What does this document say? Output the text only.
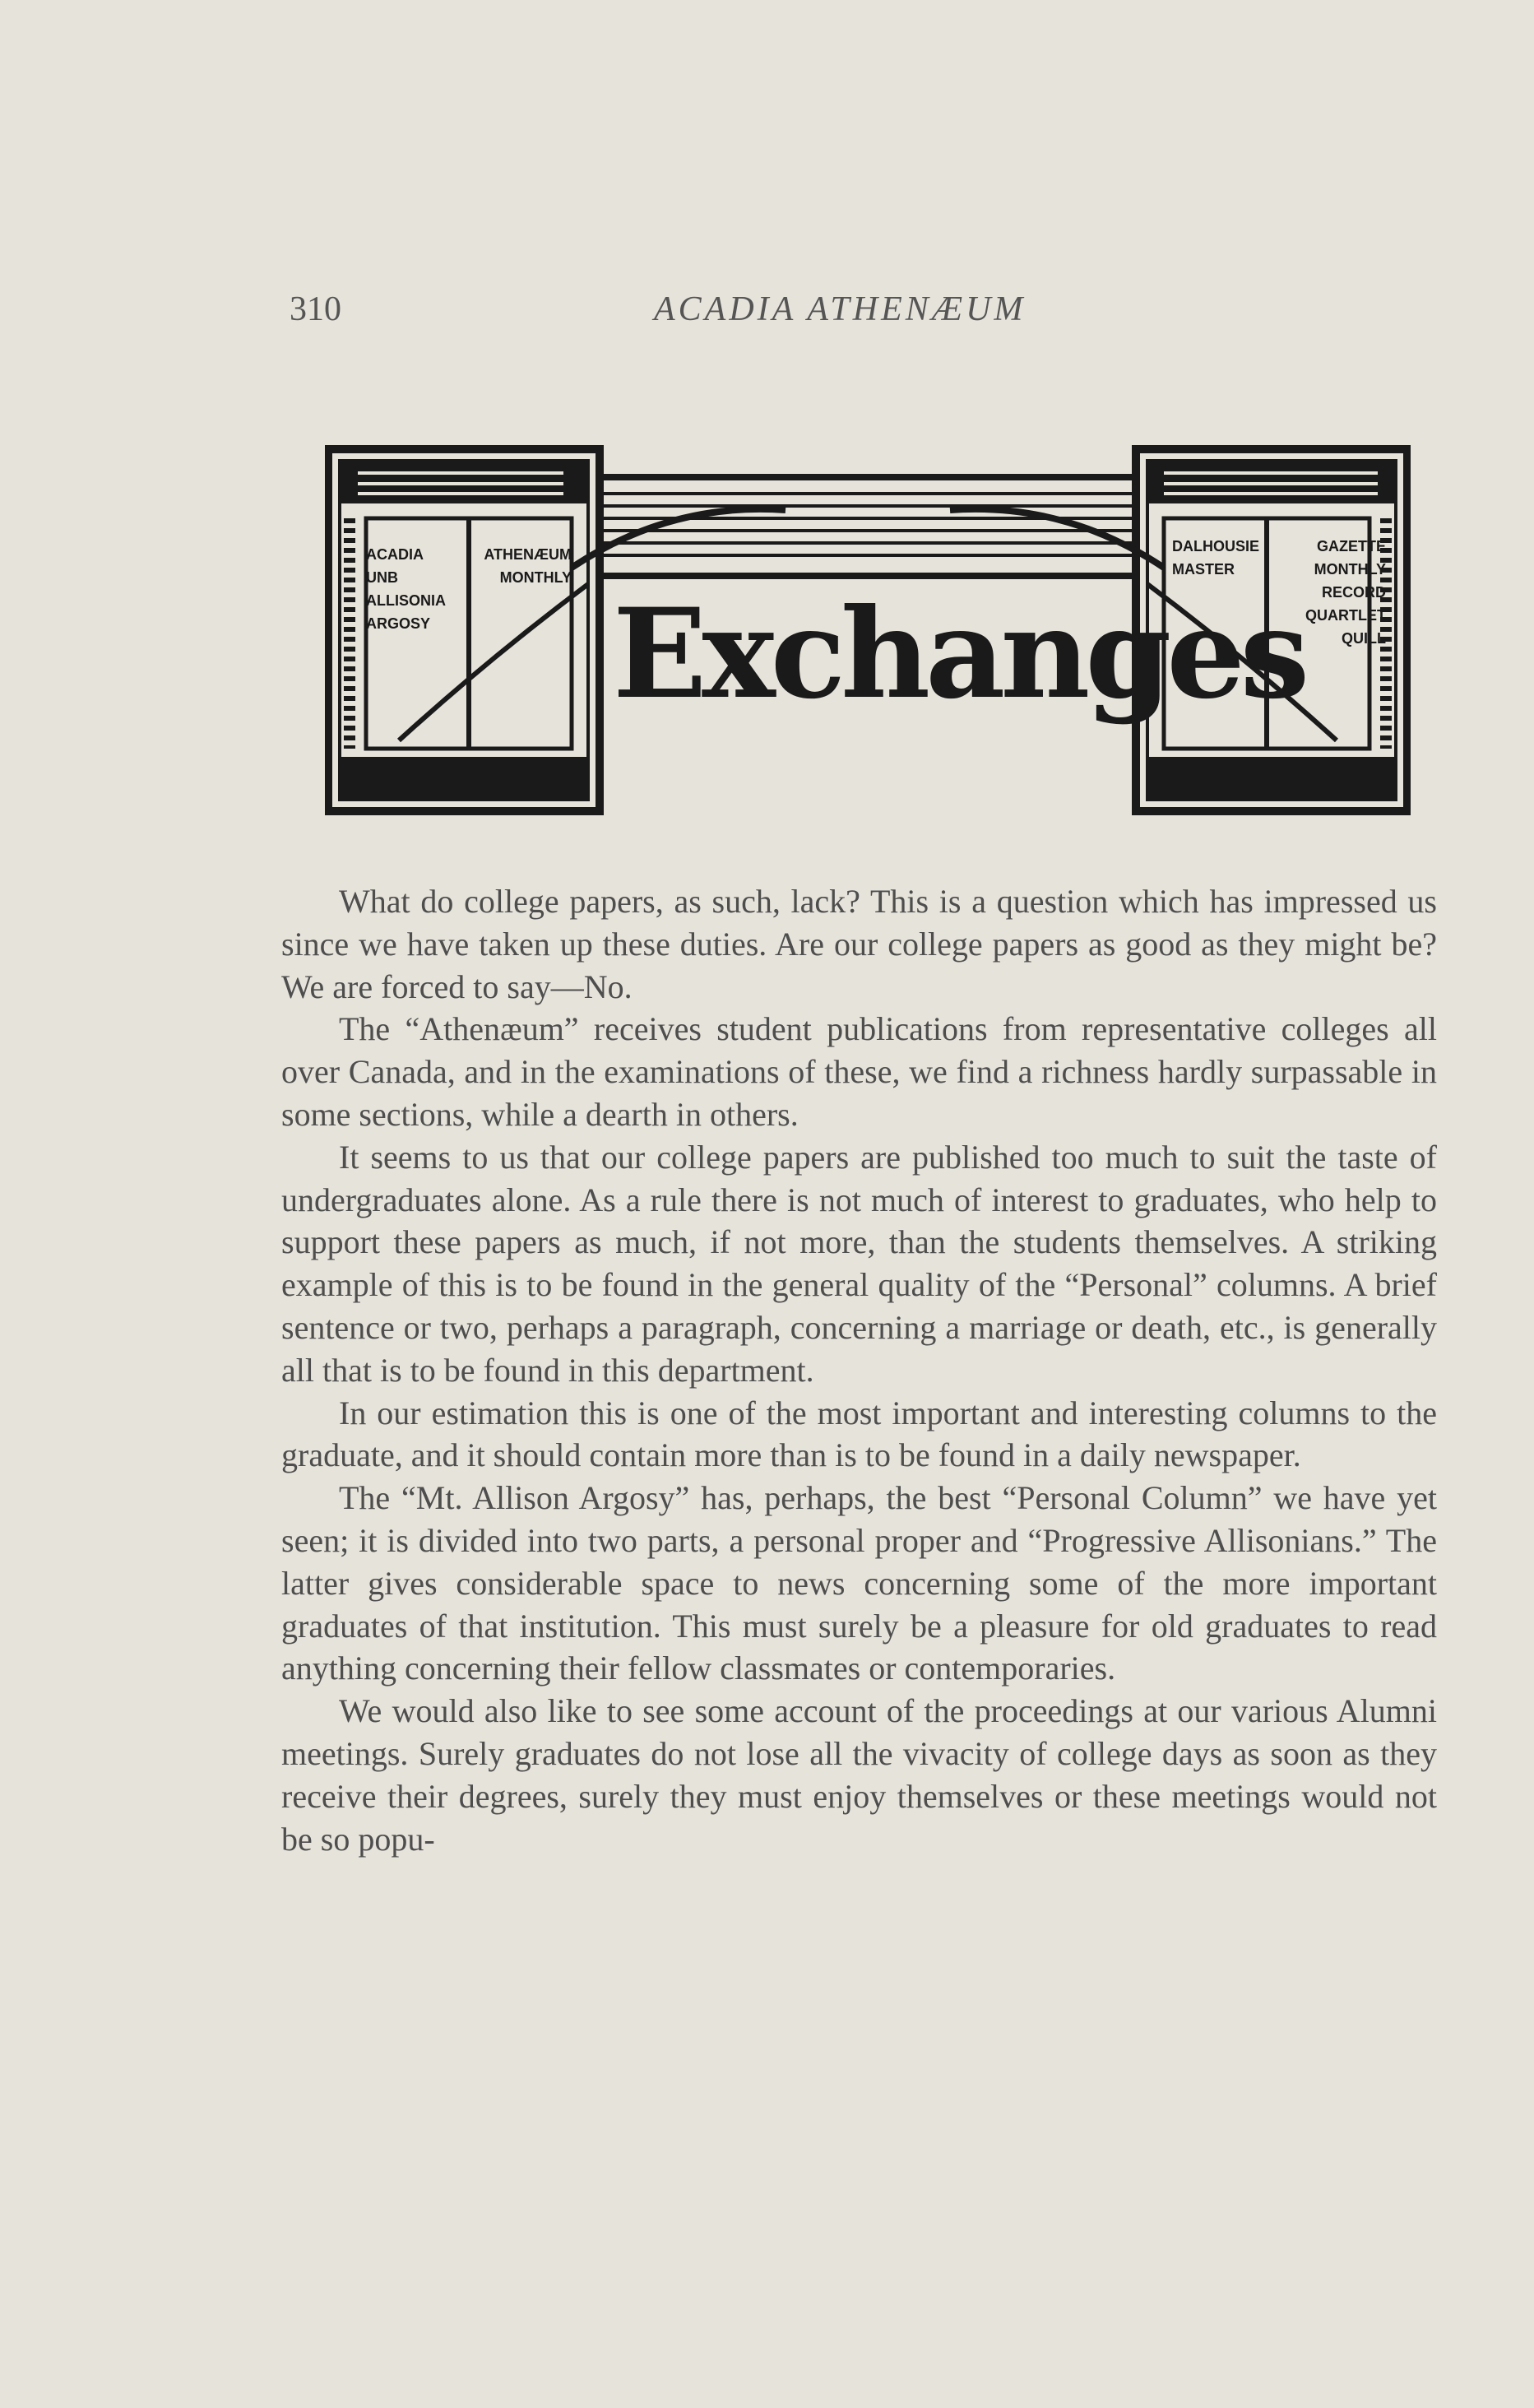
310	ACADIA ATHENÆUM
ACADIA	ATHENÆUM
UNB	MONTHLY
ALLISONIA
ARGOSY
DALHOUSIE	GAZETTE
MASTER	MONTHLY
RECORD
QUARTLET
QUILL
Exchanges

What do college papers, as such, lack? This is a question which has impressed us since we have taken up these duties. Are our college papers as good as they might be? We are forced to say—No.

The “Athenæum” receives student publications from representative colleges all over Canada, and in the examinations of these, we find a richness hardly surpassable in some sections, while a dearth in others.

It seems to us that our college papers are published too much to suit the taste of undergraduates alone. As a rule there is not much of interest to graduates, who help to support these papers as much, if not more, than the students themselves. A striking example of this is to be found in the general quality of the “Personal” columns. A brief sentence or two, perhaps a paragraph, concerning a marriage or death, etc., is generally all that is to be found in this department.

In our estimation this is one of the most important and interesting columns to the graduate, and it should contain more than is to be found in a daily newspaper.

The “Mt. Allison Argosy” has, perhaps, the best “Personal Column” we have yet seen; it is divided into two parts, a personal proper and “Progressive Allisonians.” The latter gives considerable space to news concerning some of the more important graduates of that institution. This must surely be a pleasure for old graduates to read anything concerning their fellow classmates or contemporaries.

We would also like to see some account of the proceedings at our various Alumni meetings. Surely graduates do not lose all the vivacity of college days as soon as they receive their degrees, surely they must enjoy themselves or these meetings would not be so popu-
